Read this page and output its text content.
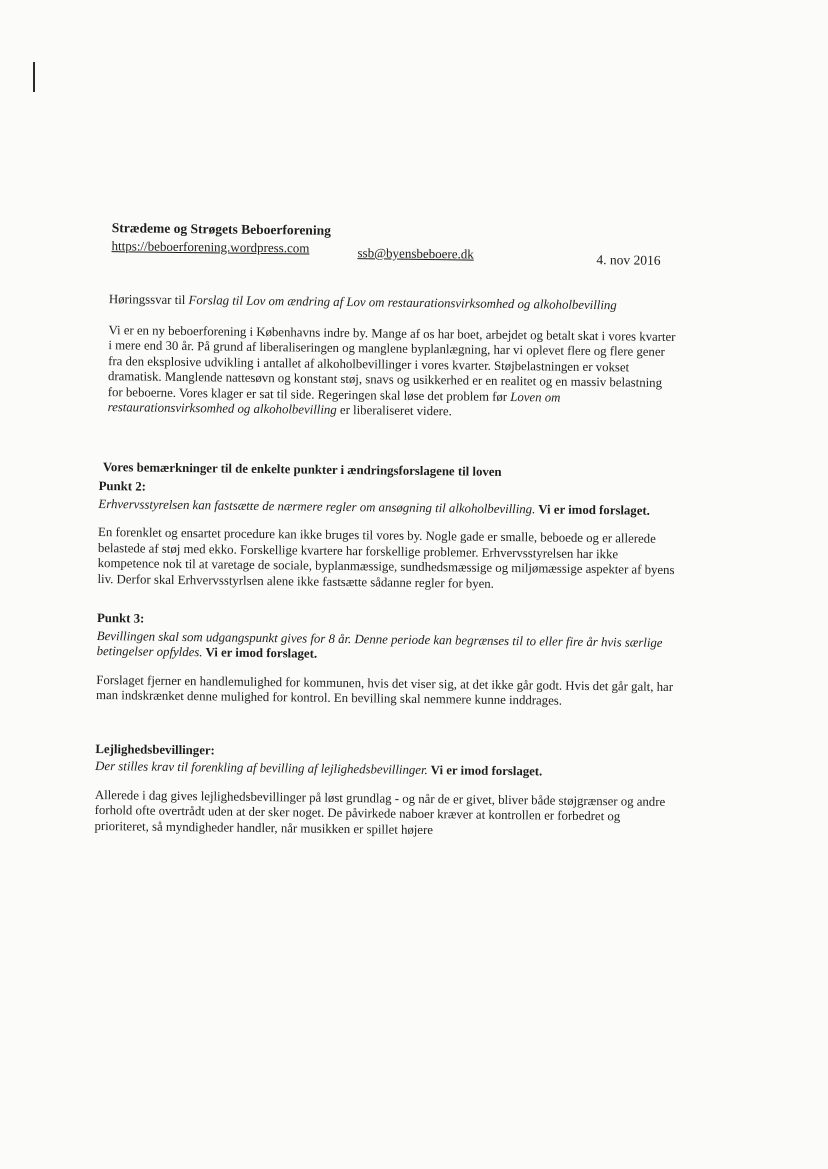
Strædeme og Strøgets Beboerforening
https://beboerforening.wordpress.com	ssb@byensbeboere.dk	4. nov 2016

Høringssvar til Forslag til Lov om ændring af Lov om restaurationsvirksomhed og alkoholbevilling

Vi er en ny beboerforening i Københavns indre by. Mange af os har boet, arbejdet og betalt skat i vores kvarter i mere end 30 år. På grund af liberaliseringen og manglene byplanlægning, har vi oplevet flere og flere gener fra den eksplosive udvikling i antallet af alkoholbevillinger i vores kvarter. Støjbelastningen er vokset dramatisk. Manglende nattesøvn og konstant støj, snavs og usikkerhed er en realitet og en massiv belastning for beboerne. Vores klager er sat til side. Regeringen skal løse det problem før Loven om restaurationsvirksomhed og alkoholbevilling er liberaliseret videre.

Vores bemærkninger til de enkelte punkter i ændringsforslagene til loven

Punkt 2:

Erhvervsstyrelsen kan fastsætte de nærmere regler om ansøgning til alkoholbevilling. Vi er imod forslaget.

En forenklet og ensartet procedure kan ikke bruges til vores by. Nogle gade er smalle, beboede og er allerede belastede af støj med ekko. Forskellige kvartere har forskellige problemer. Erhvervsstyrelsen har ikke kompetence nok til at varetage de sociale, byplanmæssige, sundhedsmæssige og miljømæssige aspekter af byens liv. Derfor skal Erhvervsstyrlsen alene ikke fastsætte sådanne regler for byen.

Punkt 3:

Bevillingen skal som udgangspunkt gives for 8 år. Denne periode kan begrænses til to eller fire år hvis særlige betingelser opfyldes. Vi er imod forslaget.

Forslaget fjerner en handlemulighed for kommunen, hvis det viser sig, at det ikke går godt. Hvis det går galt, har man indskrænket denne mulighed for kontrol. En bevilling skal nemmere kunne inddrages.

Lejlighedsbevillinger:

Der stilles krav til forenkling af bevilling af lejlighedsbevillinger. Vi er imod forslaget.

Allerede i dag gives lejlighedsbevillinger på løst grundlag - og når de er givet, bliver både støjgrænser og andre forhold ofte overtrådt uden at der sker noget. De påvirkede naboer kræver at kontrollen er forbedret og prioriteret, så myndigheder handler, når musikken er spillet højere
